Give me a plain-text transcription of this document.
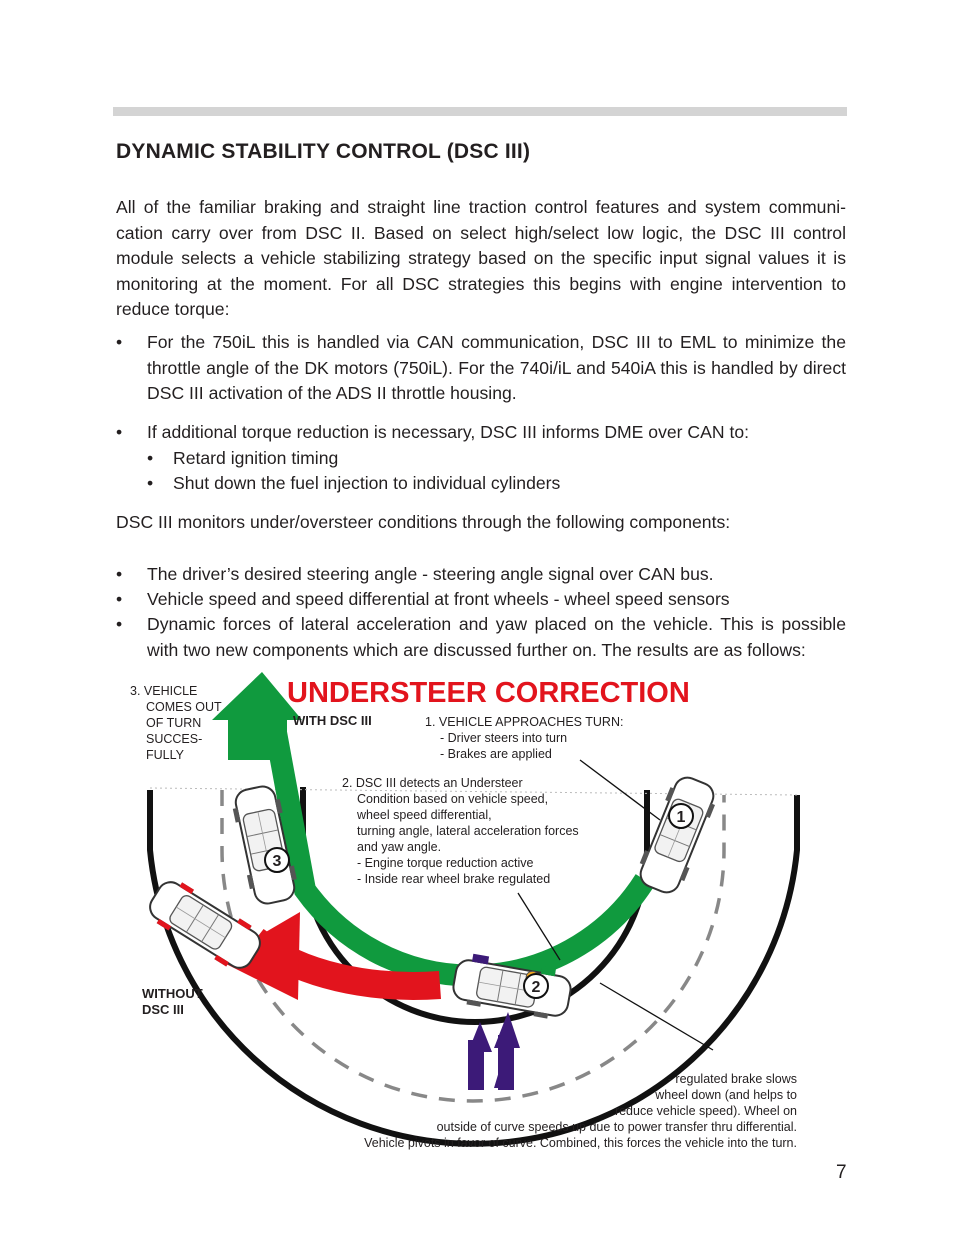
DYNAMIC STABILITY CONTROL (DSC III)
All of the familiar braking and straight line traction control features and system communi-cation carry over from DSC II. Based on select high/select low logic, the DSC III control module selects a vehicle stabilizing strategy based on the specific input signal values it is monitoring at the moment. For all DSC strategies this begins with engine intervention to reduce torque:
• For the 750iL this is handled via CAN communication, DSC III to EML to minimize the throttle angle of the DK motors (750iL). For the 740i/iL and 540iA this is handled by direct DSC III activation of the ADS II throttle housing.
• If additional torque reduction is necessary, DSC III informs DME over CAN to:
• Retard ignition timing
• Shut down the fuel injection to individual cylinders
DSC III monitors under/oversteer conditions through the following components:
• The driver’s desired steering angle - steering angle signal over CAN bus.
• Vehicle speed and speed differential at front wheels - wheel speed sensors
• Dynamic forces of lateral acceleration and yaw placed on the vehicle. This is possible with two new components which are discussed further on. The results are as follows:
1
2
3
UNDERSTEER CORRECTION
WITH DSC III
3. VEHICLE
COMES OUT
OF TURN
SUCCES-
FULLY
1. VEHICLE APPROACHES TURN:
- Driver steers into turn
- Brakes are applied
2. DSC III detects an Understeer
Condition based on vehicle speed,
wheel speed differential,
turning angle, lateral acceleration forces
and yaw angle.
- Engine torque reduction active
- Inside rear wheel brake regulated
WITHOUT
DSC III
- regulated brake slows
wheel down (and helps to
reduce vehicle speed). Wheel on
outside of curve speeds up due to power transfer thru differential.
Vehicle pivots in favor of curve. Combined, this forces the vehicle into the turn.
7
